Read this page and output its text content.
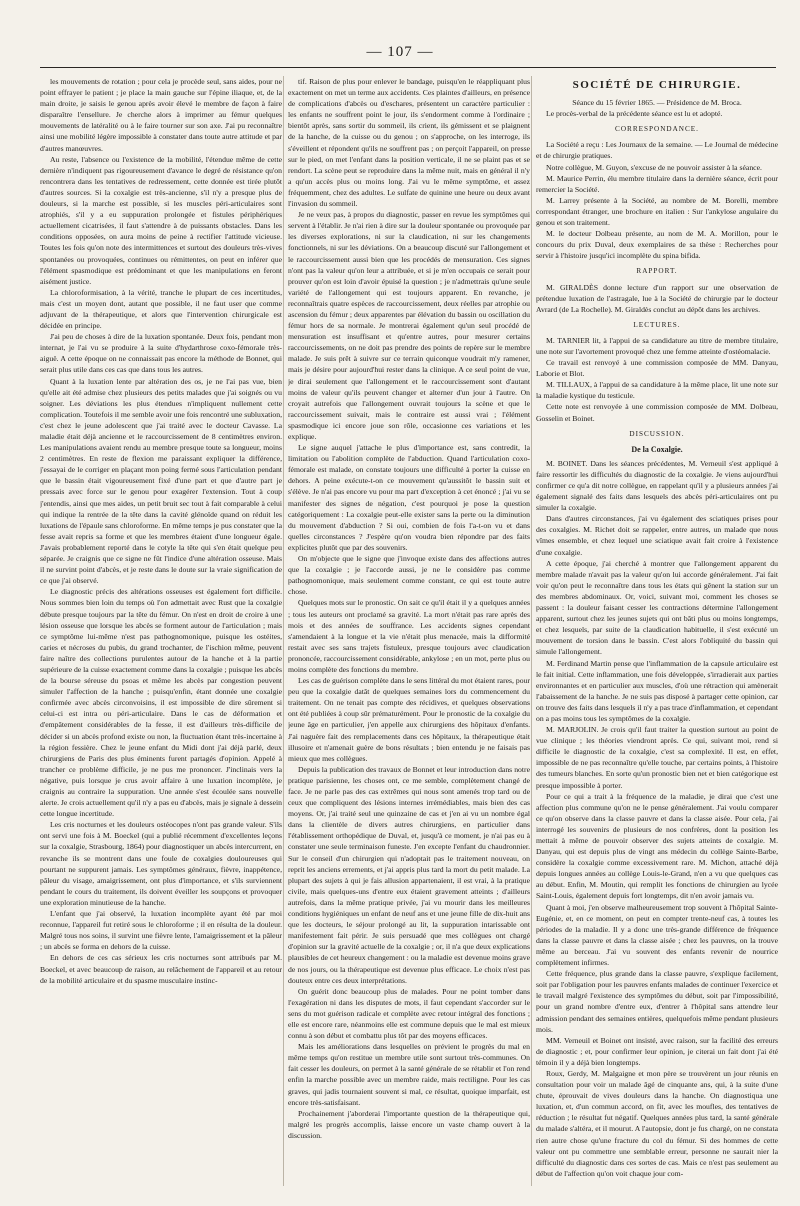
— 107 —

les mouvements de rotation ; pour cela je procède seul, sans aides, pour ne point effrayer le patient ; je place la main gauche sur l'épine iliaque, et, de la main droite, je saisis le genou après avoir élevé le membre de façon à faire disparaître l'ensellure. Je cherche alors à imprimer au fémur quelques mouvements de latéralité ou à le faire tourner sur son axe. J'ai pu reconnaître ainsi une mobilité légère impossible à constater dans toute autre attitude et par d'autres manœuvres.

Au reste, l'absence ou l'existence de la mobilité, l'étendue même de cette dernière n'indiquent pas rigoureusement d'avance le degré de résistance qu'on rencontrera dans les tentatives de redressement, cette donnée est tirée plutôt d'autres sources. Si la coxalgie est très-ancienne, s'il n'y a presque plus de douleurs, si la marche est possible, si les muscles péri-articulaires sont atrophiés, s'il y a eu suppuration prolongée et fistules périphériques actuellement cicatrisées, il faut s'attendre à de puissants obstacles. Dans les conditions opposées, on aura moins de peine à rectifier l'attitude vicieuse. Toutes les fois qu'on note des intermittences et surtout des douleurs très-vives spontanées ou provoquées, continues ou rémittentes, on peut en inférer que l'élément spasmodique est prédominant et que les manipulations en feront aisément justice.

La chloroformisation, à la vérité, tranche le plupart de ces incertitudes, mais c'est un moyen dont, autant que possible, il ne faut user que comme adjuvant de la thérapeutique, et alors que l'intervention chirurgicale est décidée en principe.

J'ai peu de choses à dire de la luxation spontanée. Deux fois, pendant mon internat, je l'ai vu se produire à la suite d'hydarthrose coxo-fémorale très-aiguë. A cette époque on ne connaissait pas encore la méthode de Bonnet, qui serait plus utile dans ces cas que dans tous les autres.

Quant à la luxation lente par altération des os, je ne l'ai pas vue, bien qu'elle ait été admise chez plusieurs des petits malades que j'ai soignés ou vu soigner. Les déviations les plus étendues n'impliquent nullement cette complication. Toutefois il me semble avoir une fois rencontré une subluxation, c'est chez le jeune adolescent que j'ai traité avec le docteur Cavasse. La maladie était déjà ancienne et le raccourcissement de 8 centimètres environ. Les manipulations avaient rendu au membre presque toute sa longueur, moins 2 centimètres. En reste de flexion me paraissant expliquer la différence, j'essayai de le corriger en plaçant mon poing fermé sous l'articulation pendant que le bassin était vigoureusement fixé d'une part et que d'autre part je pressais avec force sur le genou pour exagérer l'extension. Tout à coup j'entendis, ainsi que mes aides, un petit bruit sec tout à fait comparable à celui qui indique la rentrée de la tête dans la cavité glénoïde quand on réduit les luxations de l'épaule sans chloroforme. En même temps je pus constater que la fesse avait repris sa forme et que les membres étaient d'une longueur égale. J'avais probablement reporté dans le cotyle la tête qui s'en était quelque peu séparée. Je craignis que ce signe ne fût l'indice d'une altération osseuse. Mais il ne survint point d'abcès, et je reste dans le doute sur la vraie signification de ce que j'ai observé.

Le diagnostic précis des altérations osseuses est également fort difficile. Nous sommes bien loin du temps où l'on admettait avec Rust que la coxalgie débute presque toujours par la tête du fémur. On n'est en droit de croire à une lésion osseuse que lorsque les abcès se forment autour de l'articulation ; mais ce symptôme lui-même n'est pas pathognomonique, puisque les ostéites, caries et nécroses du pubis, du grand trochanter, de l'ischion même, peuvent faire naître des collections purulentes autour de la hanche et à la partie supérieure de la cuisse exactement comme dans la coxalgie ; puisque les abcès de la bourse séreuse du psoas et même les abcès par congestion peuvent simuler l'affection de la hanche ; puisqu'enfin, étant donnée une coxalgie confirmée avec abcès circonvoisins, il est impossible de dire sûrement si celui-ci est intra ou péri-articulaire. Dans le cas de déformation et d'empâtement considérables de la fesse, il est d'ailleurs très-difficile de décider si un abcès profond existe ou non, la fluctuation étant très-incertaine à la région fessière. Chez le jeune enfant du Midi dont j'ai déjà parlé, deux chirurgiens de Paris des plus éminents furent partagés d'opinion. Appelé à trancher ce problème difficile, je ne pus me prononcer. J'inclinais vers la négative, puis lorsque je crus avoir affaire à une luxation incomplète, je craignis au contraire la suppuration. Une année s'est écoulée sans nouvelle alerte. Je crois actuellement qu'il n'y a pas eu d'abcès, mais je signale à dessein cette longue incertitude.

Les cris nocturnes et les douleurs ostéocopes n'ont pas grande valeur. S'ils ont servi une fois à M. Boeckel (qui a publié récemment d'excellentes leçons sur la coxalgie, Strasbourg, 1864) pour diagnostiquer un abcès intercurrent, en revanche ils se montrent dans une foule de coxalgies douloureuses qui pourtant ne suppurent jamais. Les symptômes généraux, fièvre, inappétence, pâleur du visage, amaigrissement, ont plus d'importance, et s'ils surviennent pendant le cours du traitement, ils doivent éveiller les soupçons et provoquer une exploration minutieuse de la hanche.

L'enfant que j'ai observé, la luxation incomplète ayant été par moi reconnue, l'appareil fut retiré sous le chloroforme ; il en résulta de la douleur. Malgré tous nos soins, il survint une fièvre lente, l'amaigrissement et la pâleur ; un abcès se forma en dehors de la cuisse.

En dehors de ces cas sérieux les cris nocturnes sont attribués par M. Boeckel, et avec beaucoup de raison, au relâchement de l'appareil et au retour de la mobilité articulaire et du spasme musculaire instinc-

tif. Raison de plus pour enlever le bandage, puisqu'en le réappliquant plus exactement on met un terme aux accidents. Ces plaintes d'ailleurs, en présence de complications d'abcès ou d'eschares, présentent un caractère particulier : les enfants ne souffrent point le jour, ils s'endorment comme à l'ordinaire ; bientôt après, sans sortir du sommeil, ils crient, ils gémissent et se plaignent de la hanche, de la cuisse ou du genou ; on s'approche, on les interroge, ils s'éveillent et répondent qu'ils ne souffrent pas ; on perçoit l'appareil, on presse sur le pied, on met l'enfant dans la position verticale, il ne se plaint pas et se rendort. La scène peut se reproduire dans la même nuit, mais en général il n'y a qu'un accès plus ou moins long. J'ai vu le même symptôme, et assez fréquemment, chez des adultes. Le sulfate de quinine une heure ou deux avant l'invasion du sommeil.

Je ne veux pas, à propos du diagnostic, passer en revue les symptômes qui servent à l'établir. Je n'ai rien à dire sur la douleur spontanée ou provoquée par les diverses explorations, ni sur la claudication, ni sur les changements fonctionnels, ni sur les déviations. On a beaucoup discuté sur l'allongement et le raccourcissement aussi bien que les procédés de mensuration. Ces signes n'ont pas la valeur qu'on leur a attribuée, et si je m'en occupais ce serait pour prouver qu'on est loin d'avoir épuisé la question ; je n'admettrais qu'une seule variété de l'allongement qui est toujours apparent. En revanche, je reconnaîtrais quatre espèces de raccourcissement, deux réelles par atrophie ou ascension du fémur ; deux apparentes par élévation du bassin ou oscillation du fémur hors de sa normale. Je montrerai également qu'un seul procédé de mensuration est insuffisant et qu'entre autres, pour mesurer certains raccourcissements, on ne doit pas prendre des points de repère sur le membre malade. Je suis prêt à suivre sur ce terrain quiconque voudrait m'y ramener, mais je désire pour aujourd'hui rester dans la clinique. A ce seul point de vue, je dirai seulement que l'allongement et le raccourcissement sont d'autant moins de valeur qu'ils peuvent changer et alterner d'un jour à l'autre. On croyait autrefois que l'allongement ouvrait toujours la scène et que le raccourcissement suivait, mais le contraire est aussi vrai ; l'élément spasmodique ici encore joue son rôle, occasionne ces variations et les explique.

Le signe auquel j'attache le plus d'importance est, sans contredit, la limitation ou l'abolition complète de l'abduction. Quand l'articulation coxo-fémorale est malade, on constate toujours une difficulté à porter la cuisse en dehors. A peine exécute-t-on ce mouvement qu'aussitôt le bassin suit et s'élève. Je n'ai pas encore vu pour ma part d'exception à cet énoncé ; j'ai vu se manifester des signes de négation, c'est pourquoi je pose la question catégoriquement : La coxalgie peut-elle exister sans la perte ou la diminution du mouvement d'abduction ? Si oui, combien de fois l'a-t-on vu et dans quelles circonstances ? J'espère qu'on voudra bien répondre par des faits explicites plutôt que par des souvenirs.

On m'objecte que le signe que j'invoque existe dans des affections autres que la coxalgie ; je l'accorde aussi, je ne le considère pas comme pathognomonique, mais seulement comme constant, ce qui est toute autre chose.

Quelques mots sur le pronostic. On sait ce qu'il était il y a quelques années ; tous les auteurs ont proclamé sa gravité. La mort n'était pas rare après des mois et des années de souffrance. Les accidents signes cependant s'amendaient à la longue et la vie n'était plus menacée, mais la difformité restait avec ses sans trajets fistuleux, presque toujours avec claudication prononcée, raccourcissement considérable, ankylose ; en un mot, perte plus ou moins complète des fonctions du membre.

Les cas de guérison complète dans le sens littéral du mot étaient rares, pour peu que la coxalgie datât de quelques semaines lors du commencement du traitement. On ne tenait pas compte des récidives, et quelques observations ont été publiées à coup sûr prématurément. Pour le pronostic de la coxalgie du jeune âge en particulier, j'en appelle aux chirurgiens des hôpitaux d'enfants. J'ai naguère fait des remplacements dans ces hôpitaux, la thérapeutique était illusoire et n'amenait guère de bons résultats ; bien entendu je ne faisais pas mieux que mes collègues.

Depuis la publication des travaux de Bonnet et leur introduction dans notre pratique parisienne, les choses ont, ce me semble, complètement changé de face. Je ne parle pas des cas extrêmes qui nous sont amenés trop tard ou de ceux que compliquent des lésions internes irrémédiables, mais bien des cas moyens. Or, j'ai traité seul une quinzaine de cas et j'en ai vu un nombre égal dans la clientèle de divers autres chirurgiens, en particulier dans l'établissement orthopédique de Duval, et, jusqu'à ce moment, je n'ai pas eu à constater une seule terminaison funeste. J'en excepte l'enfant du chaudronnier. Sur le conseil d'un chirurgien qui n'adoptait pas le traitement nouveau, on reprit les anciens errements, et j'ai appris plus tard la mort du petit malade. La plupart des sujets à qui je fais allusion appartenaient, il est vrai, à la pratique civile, mais quelques-uns d'entre eux étaient gravement atteints ; d'ailleurs autrefois, dans la même pratique privée, j'ai vu mourir dans les meilleures conditions hygiéniques un enfant de neuf ans et une jeune fille de dix-huit ans que les docteurs, le séjour prolongé au lit, la suppuration intarissable ont manifestement fait périr. Je suis persuadé que mes collègues ont chargé d'opinion sur la gravité actuelle de la coxalgie ; or, il n'a que deux explications plausibles de cet heureux changement : ou la maladie est devenue moins grave de nos jours, ou la thérapeutique est devenue plus efficace. Le choix n'est pas douteux entre ces deux interprétations.

On guérit donc beaucoup plus de malades. Pour ne point tomber dans l'exagération ni dans les disputes de mots, il faut cependant s'accorder sur le sens du mot guérison radicale et complète avec retour intégral des fonctions ; elle est encore rare, néanmoins elle est commune depuis que le mal est mieux connu à son début et combattu plus tôt par des moyens efficaces.

Mais les améliorations dans lesquelles on prévient le progrès du mal en même temps qu'on restitue un membre utile sont surtout très-communes. On fait cesser les douleurs, on permet à la santé générale de se rétablir et l'on rend enfin la marche possible avec un membre raide, mais rectiligne. Pour les cas graves, qui jadis tournaient souvent si mal, ce résultat, quoique imparfait, est encore très-satisfaisant.

Prochainement j'aborderai l'importante question de la thérapeutique qui, malgré les progrès accomplis, laisse encore un vaste champ ouvert à la discussion.

SOCIÉTÉ DE CHIRURGIE.

Séance du 15 février 1865. — Présidence de M. Broca.

Le procès-verbal de la précédente séance est lu et adopté.

CORRESPONDANCE.

La Société a reçu : Les Journaux de la semaine. — Le Journal de médecine et de chirurgie pratiques.

Notre collègue, M. Guyon, s'excuse de ne pouvoir assister à la séance.

M. Maurice Perrin, élu membre titulaire dans la dernière séance, écrit pour remercier la Société.

M. Larrey présente à la Société, au nombre de M. Borelli, membre correspondant étranger, une brochure en italien : Sur l'ankylose angulaire du genou et son traitement.

M. le docteur Dolbeau présente, au nom de M. A. Morillon, pour le concours du prix Duval, deux exemplaires de sa thèse : Recherches pour servir à l'histoire jusqu'ici incomplète du spina bifida.

RAPPORT.

M. GIRALDÈS donne lecture d'un rapport sur une observation de prétendue luxation de l'astragale, lue à la Société de chirurgie par le docteur Avrard (de La Rochelle). M. Giraldès conclut au dépôt dans les archives.

LECTURES.

M. TARNIER lit, à l'appui de sa candidature au titre de membre titulaire, une note sur l'avortement provoqué chez une femme atteinte d'ostéomalacie.

Ce travail est renvoyé à une commission composée de MM. Danyau, Laborie et Blot.

M. TILLAUX, à l'appui de sa candidature à la même place, lit une note sur la maladie kystique du testicule.

Cette note est renvoyée à une commission composée de MM. Dolbeau, Gosselin et Boinet.

DISCUSSION.
De la Coxalgie.

M. BOINET. Dans les séances précédentes, M. Verneuil s'est appliqué à faire ressortir les difficultés du diagnostic de la coxalgie. Je viens aujourd'hui confirmer ce qu'a dit notre collègue, en rappelant qu'il y a plusieurs années j'ai également signalé des faits dans lesquels des abcès péri-articulaires ont pu simuler la coxalgie.

Dans d'autres circonstances, j'ai vu également des sciatiques prises pour des coxalgies. M. Richet doit se rappeler, entre autres, un malade que nous vîmes ensemble, et chez lequel une sciatique avait fait croire à l'existence d'une coxalgie.

A cette époque, j'ai cherché à montrer que l'allongement apparent du membre malade n'avait pas la valeur qu'on lui accorde généralement. J'ai fait voir qu'on peut le reconnaître dans tous les états qui gênent la station sur un des membres abdominaux. Or, voici, suivant moi, comment les choses se passent : la douleur faisant cesser les contractions détermine l'allongement apparent, surtout chez les jeunes sujets qui ont bâti plus ou moins longtemps, et chez lesquels, par suite de la claudication habituelle, il s'est exécuté un mouvement de torsion dans le bassin. C'est alors l'obliquité du bassin qui simule l'allongement.

M. Ferdinand Martin pense que l'inflammation de la capsule articulaire est le fait initial. Cette inflammation, une fois développée, s'irradierait aux parties environnantes et en particulier aux muscles, d'où une rétraction qui amènerait l'abaissement de la hanche. Je ne suis pas disposé à partager cette opinion, car on trouve des faits dans lesquels il n'y a pas trace d'inflammation, et cependant on a pas moins tous les symptômes de la coxalgie.

M. MARJOLIN. Je crois qu'il faut traiter la question surtout au point de vue clinique ; les théories viendront après. Ce qui, suivant moi, rend si difficile le diagnostic de la coxalgie, c'est sa complexité. Il est, en effet, impossible de ne pas reconnaître qu'elle touche, par certains points, à l'histoire des tumeurs blanches. En sorte qu'un pronostic bien net et bien catégorique est presque impossible à porter.

Pour ce qui a trait à la fréquence de la maladie, je dirai que c'est une affection plus commune qu'on ne le pense généralement. J'ai voulu comparer ce qu'on observe dans la classe pauvre et dans la classe aisée. Pour cela, j'ai interrogé les souvenirs de plusieurs de nos confrères, dont la position les mettait à même de pouvoir observer des sujets atteints de coxalgie. M. Danyau, qui est depuis plus de vingt ans médecin du collège Sainte-Barbe, considère la coxalgie comme excessivement rare. M. Michon, attaché déjà depuis longues années au collège Louis-le-Grand, n'en a vu que quelques cas au début. Enfin, M. Moutin, qui remplit les fonctions de chirurgien au lycée Saint-Louis, également depuis fort longtemps, dit n'en avoir jamais vu.

Quant à moi, j'en observe malheureusement trop souvent à l'hôpital Sainte-Eugénie, et, en ce moment, on peut en compter trente-neuf cas, à toutes les périodes de la maladie. Il y a donc une très-grande différence de fréquence dans la classe pauvre et dans la classe aisée ; chez les pauvres, on la trouve même au berceau. J'ai vu souvent des enfants revenir de nourrice complètement infirmes.

Cette fréquence, plus grande dans la classe pauvre, s'explique facilement, soit par l'obligation pour les pauvres enfants malades de continuer l'exercice et le travail malgré l'existence des symptômes du début, soit par l'impossibilité, pour un grand nombre d'entre eux, d'entrer à l'hôpital sans attendre leur admission pendant des semaines entières, quelquefois même pendant plusieurs mois.

MM. Verneuil et Boinet ont insisté, avec raison, sur la facilité des erreurs de diagnostic ; et, pour confirmer leur opinion, je citerai un fait dont j'ai été témoin il y a déjà bien longtemps.

Roux, Gerdy, M. Malgaigne et mon père se trouvèrent un jour réunis en consultation pour voir un malade âgé de cinquante ans, qui, à la suite d'une chute, éprouvait de vives douleurs dans la hanche. On diagnostiqua une luxation, et, d'un commun accord, on fit, avec les moufles, des tentatives de réduction ; le résultat fut négatif. Quelques années plus tard, la santé générale du malade s'altéra, et il mourut. A l'autopsie, dont je fus chargé, on ne constata rien autre chose qu'une fracture du col du fémur. Si des hommes de cette valeur ont pu commettre une semblable erreur, personne ne saurait nier la difficulté du diagnostic dans ces sortes de cas. Mais ce n'est pas seulement au début de l'affection qu'on voit chaque jour com-
